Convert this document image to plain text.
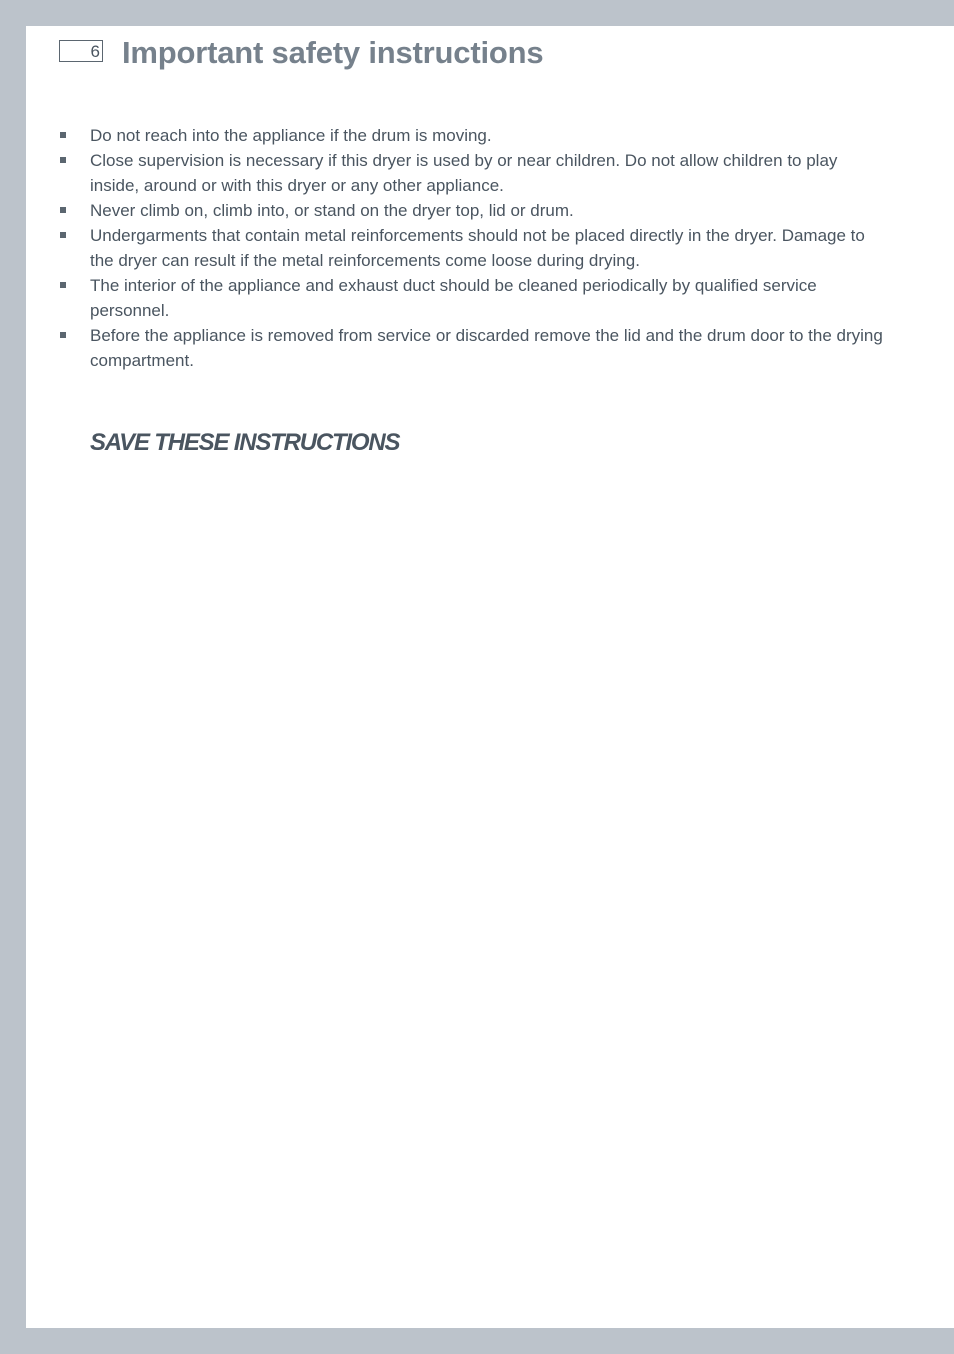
6 Important safety instructions
Do not reach into the appliance if the drum is moving.
Close supervision is necessary if this dryer is used by or near children. Do not allow children to play inside, around or with this dryer or any other appliance.
Never climb on, climb into, or stand on the dryer top, lid or drum.
Undergarments that contain metal reinforcements should not be placed directly in the dryer. Damage to the dryer can result if the metal reinforcements come loose during drying.
The interior of the appliance and exhaust duct should be cleaned periodically by qualified service personnel.
Before the appliance is removed from service or discarded remove the lid and the drum door to the drying compartment.
SAVE THESE INSTRUCTIONS
